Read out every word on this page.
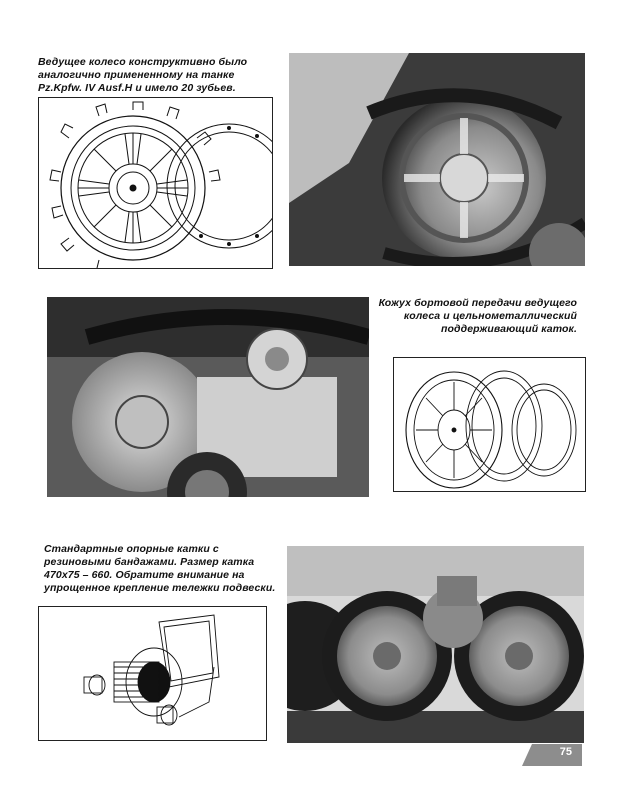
Ведущее колесо конструктивно было аналогично примененному на танке Pz.Kpfw. IV Ausf.H и имело 20 зубьев.
Кожух бортовой передачи ведущего колеса и цельнометаллический поддерживающий каток.
Стандартные опорные катки с резиновыми бандажами. Размер катка 470х75 – 660. Обратите внимание на упрощенное крепление тележки подвески.
75
